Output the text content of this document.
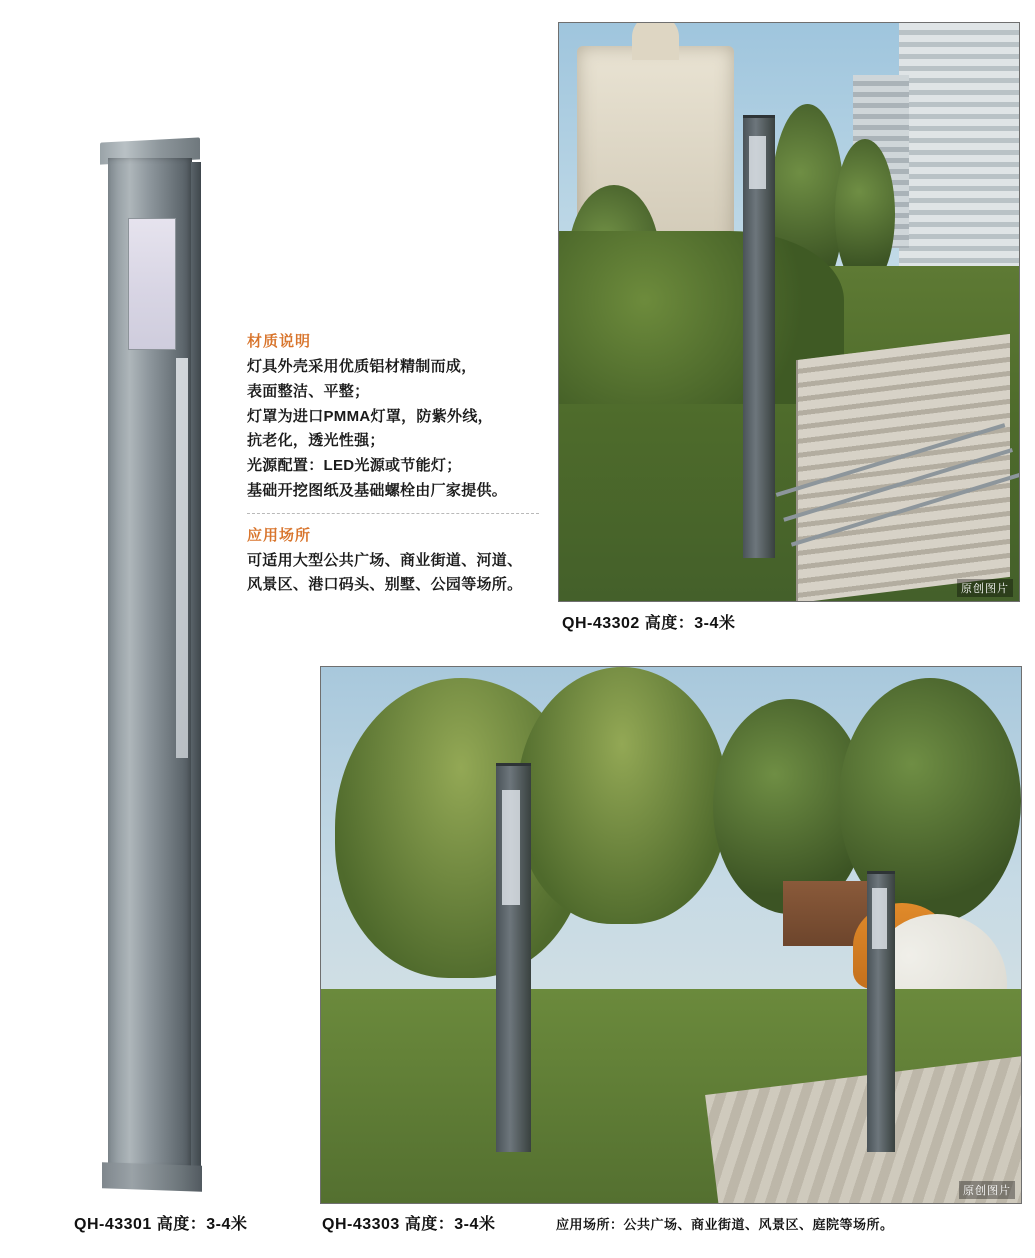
材质说明

灯具外壳采用优质铝材精制而成，

表面整洁、平整；

灯罩为进口PMMA灯罩，防紫外线，

抗老化，透光性强；

光源配置：LED光源或节能灯；

基础开挖图纸及基础螺栓由厂家提供。

应用场所

可适用大型公共广场、商业街道、河道、

风景区、港口码头、别墅、公园等场所。	原创图片
原创图片
QH-43302 高度：3-4米
QH-43301 高度：3-4米	QH-43303 高度：3-4米	应用场所：公共广场、商业街道、风景区、庭院等场所。
